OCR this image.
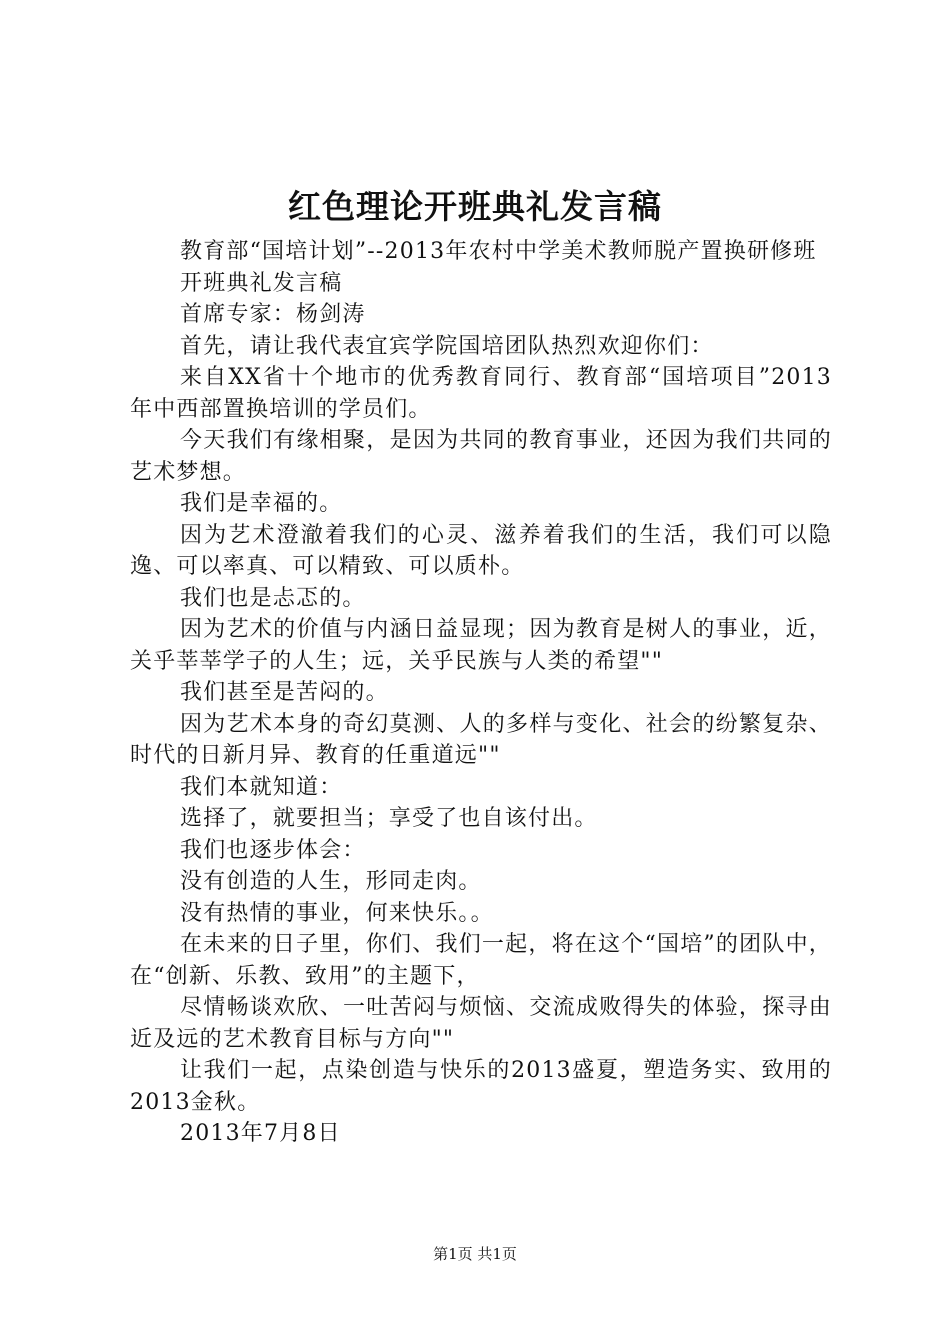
红色理论开班典礼发言稿

教育部“国培计划”--2013年农村中学美术教师脱产置换研修班

开班典礼发言稿

首席专家：杨剑涛

首先，请让我代表宜宾学院国培团队热烈欢迎你们：

来自XX省十个地市的优秀教育同行、教育部“国培项目”2013年中西部置换培训的学员们。

今天我们有缘相聚，是因为共同的教育事业，还因为我们共同的艺术梦想。

我们是幸福的。

因为艺术澄澈着我们的心灵、滋养着我们的生活，我们可以隐逸、可以率真、可以精致、可以质朴。

我们也是忐忑的。

因为艺术的价值与内涵日益显现；因为教育是树人的事业，近，关乎莘莘学子的人生；远，关乎民族与人类的希望""

我们甚至是苦闷的。

因为艺术本身的奇幻莫测、人的多样与变化、社会的纷繁复杂、时代的日新月异、教育的任重道远""

我们本就知道：

选择了，就要担当；享受了也自该付出。

我们也逐步体会：

没有创造的人生，形同走肉。

没有热情的事业，何来快乐。。

在未来的日子里，你们、我们一起，将在这个“国培”的团队中，在“创新、乐教、致用”的主题下，

尽情畅谈欢欣、一吐苦闷与烦恼、交流成败得失的体验，探寻由近及远的艺术教育目标与方向""

让我们一起，点染创造与快乐的2013盛夏，塑造务实、致用的2013金秋。

2013年7月8日

第1页 共1页
